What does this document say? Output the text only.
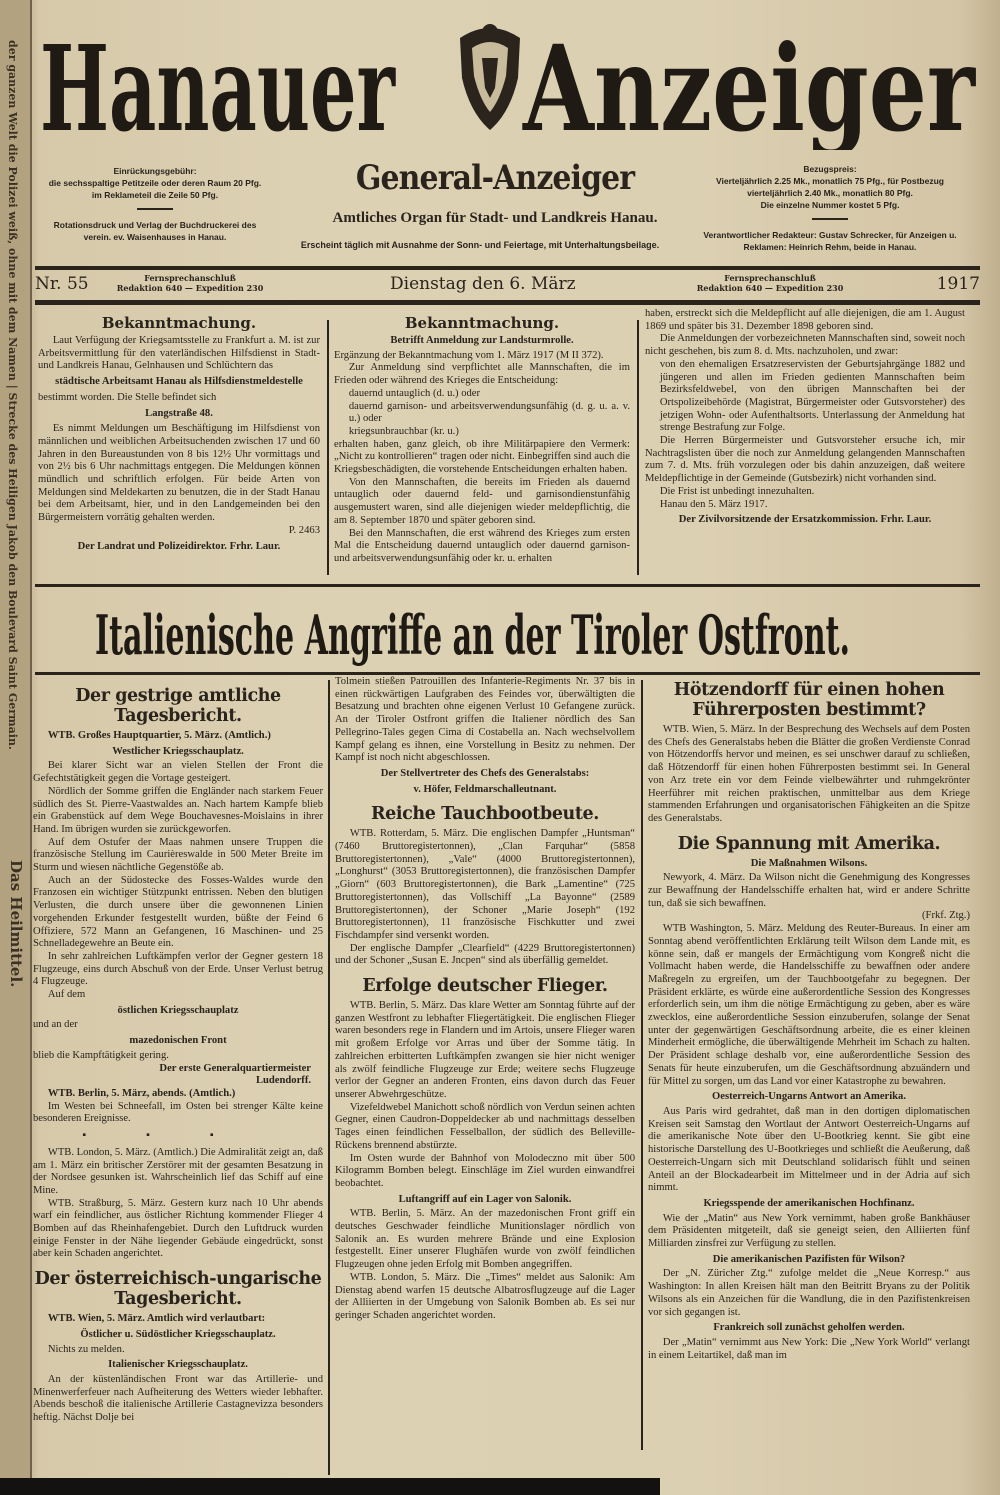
der ganzen Welt die Polizei weiß, ohne mit dem Namen | Strecke des Heiligen Jakob den Boulevard Saint Germain.
Das Heilmittel.
Hanauer Anzeiger
Einrückungsgebühr:
die sechsspaltige Petitzeile oder deren Raum 20 Pfg.
im Reklameteil die Zeile 50 Pfg.
Rotationsdruck und Verlag der Buchdruckerei des verein. ev. Waisenhauses in Hanau.
Bezugspreis:
Vierteljährlich 2.25 Mk., monatlich 75 Pfg., für Postbezug vierteljährlich 2.40 Mk., monatlich 80 Pfg.
Die einzelne Nummer kostet 5 Pfg.
Verantwortlicher Redakteur: Gustav Schrecker, für Anzeigen u. Reklamen: Heinrich Rehm, beide in Hanau.
General-Anzeiger
Amtliches Organ für Stadt- und Landkreis Hanau.
Erscheint täglich mit Ausnahme der Sonn- und Feiertage, mit Unterhaltungsbeilage.
Nr. 55	Fernsprechanschluß
Redaktion 640 — Expedition 230	Dienstag den 6. März	Fernsprechanschluß
Redaktion 640 — Expedition 230	1917
Bekanntmachung.

Laut Verfügung der Kriegsamtsstelle zu Frankfurt a. M. ist zur Arbeitsvermittlung für den vaterländischen Hilfsdienst in Stadt- und Landkreis Hanau, Gelnhausen und Schlüchtern das

städtische Arbeitsamt Hanau als Hilfsdienstmeldestelle

bestimmt worden. Die Stelle befindet sich

Langstraße 48.

Es nimmt Meldungen um Beschäftigung im Hilfsdienst von männlichen und weiblichen Arbeitsuchenden zwischen 17 und 60 Jahren in den Bureaustunden von 8 bis 12½ Uhr vormittags und von 2½ bis 6 Uhr nachmittags entgegen. Die Meldungen können mündlich und schriftlich erfolgen. Für beide Arten von Meldungen sind Meldekarten zu benutzen, die in der Stadt Hanau bei dem Arbeitsamt, hier, und in den Landgemeinden bei den Bürgermeistern vorrätig gehalten werden.

P. 2463

Der Landrat und Polizeidirektor. Frhr. Laur.

Bekanntmachung.

Betrifft Anmeldung zur Landsturmrolle.

Ergänzung der Bekanntmachung vom 1. März 1917 (M II 372).

Zur Anmeldung sind verpflichtet alle Mannschaften, die im Frieden oder während des Krieges die Entscheidung:

dauernd untauglich (d. u.) oder

dauernd garnison- und arbeitsverwendungsunfähig (d. g. u. a. v. u.) oder

kriegsunbrauchbar (kr. u.)

erhalten haben, ganz gleich, ob ihre Militärpapiere den Vermerk: „Nicht zu kontrollieren“ tragen oder nicht. Einbegriffen sind auch die Kriegsbeschädigten, die vorstehende Entscheidungen erhalten haben.

Von den Mannschaften, die bereits im Frieden als dauernd untauglich oder dauernd feld- und garnisondienstunfähig ausgemustert waren, sind alle diejenigen wieder meldepflichtig, die am 8. September 1870 und später geboren sind.

Bei den Mannschaften, die erst während des Krieges zum ersten Mal die Entscheidung dauernd untauglich oder dauernd garnison- und arbeitsverwendungsunfähig oder kr. u. erhalten

haben, erstreckt sich die Meldepflicht auf alle diejenigen, die am 1. August 1869 und später bis 31. Dezember 1898 geboren sind.

Die Anmeldungen der vorbezeichneten Mannschaften sind, soweit noch nicht geschehen, bis zum 8. d. Mts. nachzuholen, und zwar:

von den ehemaligen Ersatzreservisten der Geburtsjahrgänge 1882 und jüngeren und allen im Frieden gedienten Mannschaften beim Bezirksfeldwebel, von den übrigen Mannschaften bei der Ortspolizeibehörde (Magistrat, Bürgermeister oder Gutsvorsteher) des jetzigen Wohn- oder Aufenthaltsorts. Unterlassung der Anmeldung hat strenge Bestrafung zur Folge.

Die Herren Bürgermeister und Gutsvorsteher ersuche ich, mir Nachtragslisten über die noch zur Anmeldung gelangenden Mannschaften zum 7. d. Mts. früh vorzulegen oder bis dahin anzuzeigen, daß weitere Meldepflichtige in der Gemeinde (Gutsbezirk) nicht vorhanden sind.

Die Frist ist unbedingt innezuhalten.

Hanau den 5. März 1917.

Der Zivilvorsitzende der Ersatzkommission. Frhr. Laur.

Italienische Angriffe an der Tiroler Ostfront.
Der gestrige amtliche Tagesbericht.

WTB. Großes Hauptquartier, 5. März. (Amtlich.)

Westlicher Kriegsschauplatz.

Bei klarer Sicht war an vielen Stellen der Front die Gefechtstätigkeit gegen die Vortage gesteigert.

Nördlich der Somme griffen die Engländer nach starkem Feuer südlich des St. Pierre-Vaastwaldes an. Nach hartem Kampfe blieb ein Grabenstück auf dem Wege Bouchavesnes-Moislains in ihrer Hand. Im übrigen wurden sie zurückgeworfen.

Auf dem Ostufer der Maas nahmen unsere Truppen die französische Stellung im Caurièreswalde in 500 Meter Breite im Sturm und wiesen nächtliche Gegenstöße ab.

Auch an der Südostecke des Fosses-Waldes wurde den Franzosen ein wichtiger Stützpunkt entrissen. Neben den blutigen Verlusten, die durch unsere über die gewonnenen Linien vorgehenden Erkunder festgestellt wurden, büßte der Feind 6 Offiziere, 572 Mann an Gefangenen, 16 Maschinen- und 25 Schnelladegewehre an Beute ein.

In sehr zahlreichen Luftkämpfen verlor der Gegner gestern 18 Flugzeuge, eins durch Abschuß von der Erde. Unser Verlust betrug 4 Flugzeuge.

Auf dem

östlichen Kriegsschauplatz

und an der

mazedonischen Front

blieb die Kampftätigkeit gering.

Der erste Generalquartiermeister

Ludendorff.

WTB. Berlin, 5. März, abends. (Amtlich.)

Im Westen bei Schneefall, im Osten bei strenger Kälte keine besonderen Ereignisse.

▪▪▪

WTB. London, 5. März. (Amtlich.) Die Admiralität zeigt an, daß am 1. März ein britischer Zerstörer mit der gesamten Besatzung in der Nordsee gesunken ist. Wahrscheinlich lief das Schiff auf eine Mine.

WTB. Straßburg, 5. März. Gestern kurz nach 10 Uhr abends warf ein feindlicher, aus östlicher Richtung kommender Flieger 4 Bomben auf das Rheinhafengebiet. Durch den Luftdruck wurden einige Fenster in der Nähe liegender Gebäude eingedrückt, sonst aber kein Schaden angerichtet.

Der österreichisch-ungarische Tagesbericht.

WTB. Wien, 5. März. Amtlich wird verlautbart:

Östlicher u. Südöstlicher Kriegsschauplatz.

Nichts zu melden.

Italienischer Kriegsschauplatz.

An der küstenländischen Front war das Artillerie- und Minenwerferfeuer nach Aufheiterung des Wetters wieder lebhafter. Abends beschoß die italienische Artillerie Castagnevizza besonders heftig. Nächst Dolje bei

Tolmein stießen Patrouillen des Infanterie-Regiments Nr. 37 bis in einen rückwärtigen Laufgraben des Feindes vor, überwältigten die Besatzung und brachten ohne eigenen Verlust 10 Gefangene zurück. An der Tiroler Ostfront griffen die Italiener nördlich des San Pellegrino-Tales gegen Cima di Costabella an. Nach wechselvollem Kampf gelang es ihnen, eine Vorstellung in Besitz zu nehmen. Der Kampf ist noch nicht abgeschlossen.

Der Stellvertreter des Chefs des Generalstabs:

v. Höfer, Feldmarschalleutnant.

Reiche Tauchbootbeute.

WTB. Rotterdam, 5. März. Die englischen Dampfer „Huntsman“ (7460 Bruttoregistertonnen), „Clan Farquhar“ (5858 Bruttoregistertonnen), „Vale“ (4000 Bruttoregistertonnen), „Longhurst“ (3053 Bruttoregistertonnen), die französischen Dampfer „Giorn“ (603 Bruttoregistertonnen), die Bark „Lamentine“ (725 Bruttoregistertonnen), das Vollschiff „La Bayonne“ (2589 Bruttoregistertonnen), der Schoner „Marie Joseph“ (192 Bruttoregistertonnen), 11 französische Fischkutter und zwei Fischdampfer sind versenkt worden.

Der englische Dampfer „Clearfield“ (4229 Bruttoregistertonnen) und der Schoner „Susan E. Jncpen“ sind als überfällig gemeldet.

Erfolge deutscher Flieger.

WTB. Berlin, 5. März. Das klare Wetter am Sonntag führte auf der ganzen Westfront zu lebhafter Fliegertätigkeit. Die englischen Flieger waren besonders rege in Flandern und im Artois, unsere Flieger waren mit großem Erfolge vor Arras und über der Somme tätig. In zahlreichen erbitterten Luftkämpfen zwangen sie hier nicht weniger als zwölf feindliche Flugzeuge zur Erde; weitere sechs Flugzeuge verlor der Gegner an anderen Fronten, eins davon durch das Feuer unserer Abwehrgeschütze.

Vizefeldwebel Manichott schoß nördlich von Verdun seinen achten Gegner, einen Caudron-Doppeldecker ab und nachmittags desselben Tages einen feindlichen Fesselballon, der südlich des Belleville-Rückens brennend abstürzte.

Im Osten wurde der Bahnhof von Molodeczno mit über 500 Kilogramm Bomben belegt. Einschläge im Ziel wurden einwandfrei beobachtet.

Luftangriff auf ein Lager von Salonik.

WTB. Berlin, 5. März. An der mazedonischen Front griff ein deutsches Geschwader feindliche Munitionslager nördlich von Salonik an. Es wurden mehrere Brände und eine Explosion festgestellt. Einer unserer Flughäfen wurde von zwölf feindlichen Flugzeugen ohne jeden Erfolg mit Bomben angegriffen.

WTB. London, 5. März. Die „Times“ meldet aus Salonik: Am Dienstag abend warfen 15 deutsche Albatrosflugzeuge auf die Lager der Alliierten in der Umgebung von Salonik Bomben ab. Es sei nur geringer Schaden angerichtet worden.

Hötzendorff für einen hohen Führerposten bestimmt?

WTB. Wien, 5. März. In der Besprechung des Wechsels auf dem Posten des Chefs des Generalstabs heben die Blätter die großen Verdienste Conrad von Hötzendorffs hervor und meinen, es sei unschwer darauf zu schließen, daß Hötzendorff für einen hohen Führerposten bestimmt sei. In General von Arz trete ein vor dem Feinde vielbewährter und ruhmgekrönter Heerführer mit reichen praktischen, unmittelbar aus dem Kriege stammenden Erfahrungen und organisatorischen Fähigkeiten an die Spitze des Generalstabs.

Die Spannung mit Amerika.

Die Maßnahmen Wilsons.

Newyork, 4. März. Da Wilson nicht die Genehmigung des Kongresses zur Bewaffnung der Handelsschiffe erhalten hat, wird er andere Schritte tun, daß sie sich bewaffnen.

(Frkf. Ztg.)

WTB Washington, 5. März. Meldung des Reuter-Bureaus. In einer am Sonntag abend veröffentlichten Erklärung teilt Wilson dem Lande mit, es könne sein, daß er mangels der Ermächtigung vom Kongreß nicht die Vollmacht haben werde, die Handelsschiffe zu bewaffnen oder andere Maßregeln zu ergreifen, um der Tauchbootgefahr zu begegnen. Der Präsident erklärte, es würde eine außerordentliche Session des Kongresses erforderlich sein, um ihm die nötige Ermächtigung zu geben, aber es wäre zwecklos, eine außerordentliche Session einzuberufen, solange der Senat unter der gegenwärtigen Geschäftsordnung arbeite, die es einer kleinen Minderheit ermögliche, die überwältigende Mehrheit im Schach zu halten. Der Präsident schlage deshalb vor, eine außerordentliche Session des Senats für heute einzuberufen, um die Geschäftsordnung abzuändern und für Mittel zu sorgen, um das Land vor einer Katastrophe zu bewahren.

Oesterreich-Ungarns Antwort an Amerika.

Aus Paris wird gedrahtet, daß man in den dortigen diplomatischen Kreisen seit Samstag den Wortlaut der Antwort Oesterreich-Ungarns auf die amerikanische Note über den U-Bootkrieg kennt. Sie gibt eine historische Darstellung des U-Bootkrieges und schließt die Aeußerung, daß Oesterreich-Ungarn sich mit Deutschland solidarisch fühlt und seinen Anteil an der Blockadearbeit im Mittelmeer und in der Adria auf sich nimmt.

Kriegsspende der amerikanischen Hochfinanz.

Wie der „Matin“ aus New York vernimmt, haben große Bankhäuser dem Präsidenten mitgeteilt, daß sie geneigt seien, den Alliierten fünf Milliarden zinsfrei zur Verfügung zu stellen.

Die amerikanischen Pazifisten für Wilson?

Der „N. Züricher Ztg.“ zufolge meldet die „Neue Korresp.“ aus Washington: In allen Kreisen hält man den Beitritt Bryans zu der Politik Wilsons als ein Anzeichen für die Wandlung, die in den Pazifistenkreisen vor sich gegangen ist.

Frankreich soll zunächst geholfen werden.

Der „Matin“ vernimmt aus New York: Die „New York World“ verlangt in einem Leitartikel, daß man im
